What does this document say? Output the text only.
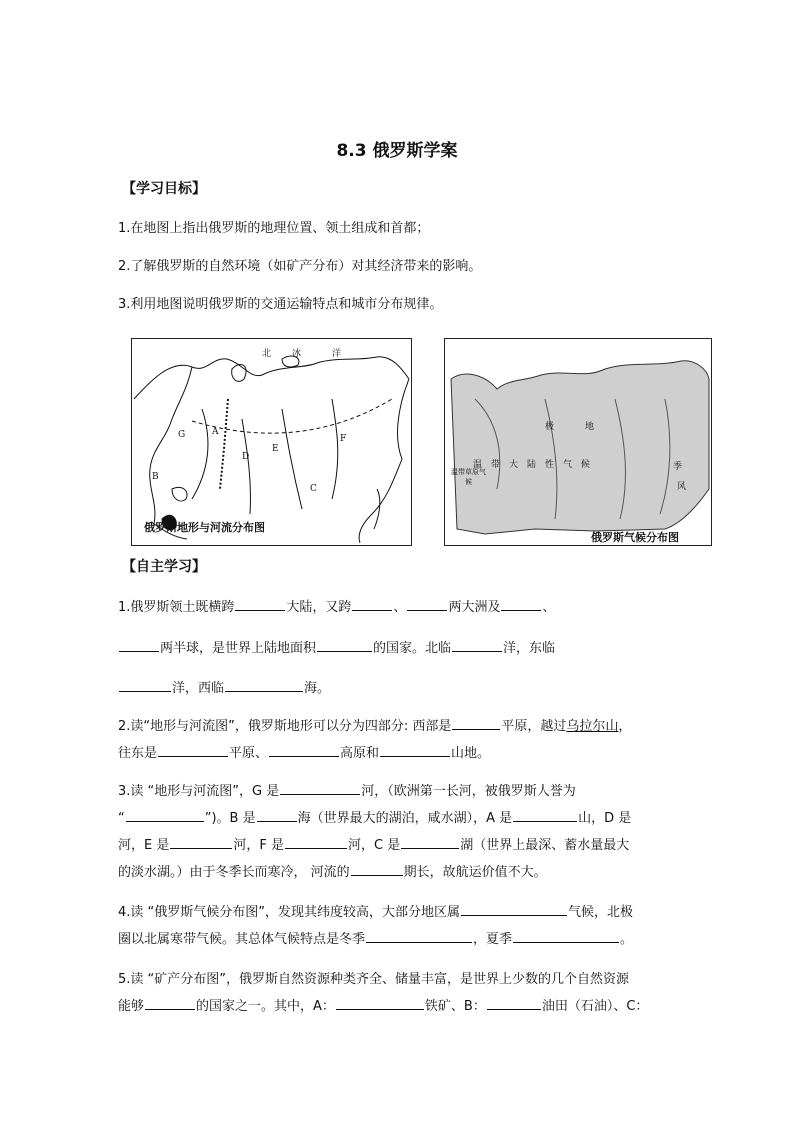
8.3 俄罗斯学案
【学习目标】
1.在地图上指出俄罗斯的地理位置、领土组成和首都；
2.了解俄罗斯的自然环境（如矿产分布）对其经济带来的影响。
3.利用地图说明俄罗斯的交通运输特点和城市分布规律。
北 冰	洋
A
B
C
D
E
F
G
俄罗斯地形与河流分布图
温 带 大 陆 性 气 候
温带草原气
候
极	地
季
风
俄罗斯气候分布图
【自主学习】
1.俄罗斯领土既横跨	大陆，又跨	、	两大洲及	、
两半球，是世界上陆地面积	的国家。北临	洋，东临
洋，西临	海。
2.读“地形与河流图”，俄罗斯地形可以分为四部分: 西部是	平原，越过乌拉尔山，
往东是	平原、	高原和	山地。
3.读 “地形与河流图”，G 是	河，（欧洲第一长河，被俄罗斯人誉为
“	”)。B 是	海（世界最大的湖泊，咸水湖），A 是	山，D 是
河，E 是	河，F 是	河，C 是	湖（世界上最深、蓄水量最大
的淡水湖。）由于冬季长而寒冷， 河流的	期长，故航运价值不大。
4.读 “俄罗斯气候分布图”，发现其纬度较高，大部分地区属	气候，北极
圈以北属寒带气候。其总体气候特点是冬季	，夏季	。
5.读 “矿产分布图”，俄罗斯自然资源种类齐全、储量丰富，是世界上少数的几个自然资源
能够	的国家之一。其中，A：	铁矿、B：	油田（石油）、C：
